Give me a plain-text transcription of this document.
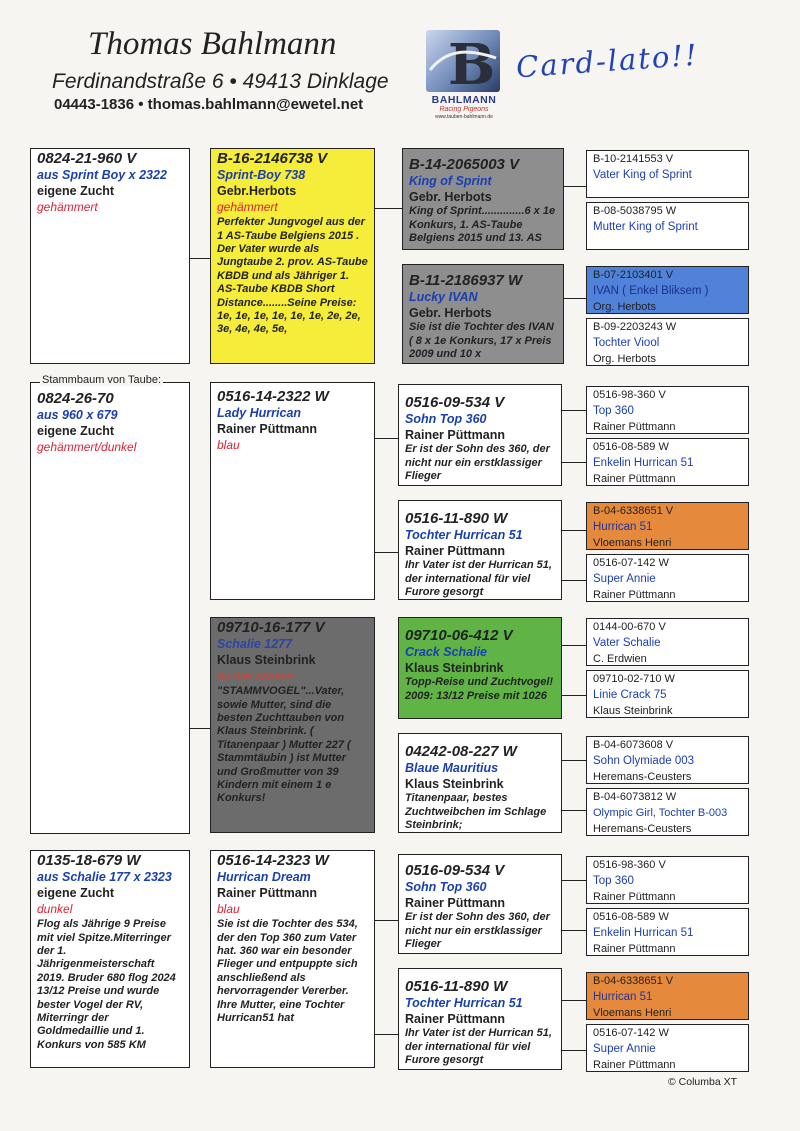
Thomas Bahlmann
Ferdinandstraße 6 • 49413 Dinklage
04443-1836 • thomas.bahlmann@ewetel.net
B
BAHLMANN
Racing Pigeons
www.tauben-bahlmann.de
Card-lato!!
0824-26-70
aus 960 x 679
eigene Zucht
gehämmert/dunkel
Stammbaum von Taube:
0824-21-960 V
aus Sprint Boy x 2322
eigene Zucht
gehämmert
0135-18-679 W
aus Schalie 177 x 2323
eigene Zucht
dunkel
Flog als Jährige 9 Preise mit viel Spitze.Miterringer der 1. Jährigenmeisterschaft 2019. Bruder 680 flog 2024 13/12 Preise und wurde bester Vogel der RV, Miterringr der Goldmedaillie und 1. Konkurs von 585 KM
B-16-2146738 V
Sprint-Boy 738
Gebr.Herbots
gehämmert
Perfekter Jungvogel aus der 1 AS-Taube Belgiens 2015 . Der Vater wurde als Jungtaube 2. prov. AS-Taube KBDB und als Jähriger 1. AS-Taube KBDB Short Distance........Seine Preise: 1e, 1e, 1e, 1e, 1e, 1e, 2e, 2e, 3e, 4e, 4e, 5e,
0516-14-2322 W
Lady Hurrican
Rainer Püttmann
blau
09710-16-177 V
Schalie 1277
Klaus Steinbrink
dunkel schalie
"STAMMVOGEL"...Vater, sowie Mutter, sind die besten Zuchttauben von Klaus Steinbrink. ( Titanenpaar ) Mutter 227 ( Stammtäubin ) ist Mutter und Großmutter von 39 Kindern mit einem 1 e Konkurs!
0516-14-2323 W
Hurrican Dream
Rainer Püttmann
blau
Sie ist die Tochter des 534, der den Top 360 zum Vater hat. 360 war ein besonder Flieger und entpuppte sich anschließend als hervorragender Vererber. Ihre Mutter, eine Tochter Hurrican51 hat
B-14-2065003 V
King of Sprint
Gebr. Herbots
King of Sprint..............6 x 1e Konkurs, 1. AS-Taube Belgiens 2015 und 13. AS
B-11-2186937 W
Lucky IVAN
Gebr. Herbots
Sie ist die Tochter des IVAN ( 8 x 1e Konkurs, 17 x Preis 2009 und 10 x
0516-09-534 V
Sohn Top 360
Rainer Püttmann
Er ist der Sohn des 360, der nicht nur ein erstklassiger Flieger
0516-11-890 W
Tochter Hurrican 51
Rainer Püttmann
Ihr Vater ist der Hurrican 51, der international für viel Furore gesorgt
09710-06-412 V
Crack Schalie
Klaus Steinbrink
Topp-Reise und Zuchtvogel! 2009: 13/12 Preise mit 1026
04242-08-227 W
Blaue Mauritius
Klaus Steinbrink
Titanenpaar, bestes Zuchtweibchen im Schlage Steinbrink;
0516-09-534 V
Sohn Top 360
Rainer Püttmann
Er ist der Sohn des 360, der nicht nur ein erstklassiger Flieger
0516-11-890 W
Tochter Hurrican 51
Rainer Püttmann
Ihr Vater ist der Hurrican 51, der international für viel Furore gesorgt
B-10-2141553 V
Vater King of Sprint
B-08-5038795 W
Mutter King of Sprint
B-07-2103401 V
IVAN ( Enkel Bliksem )
Org. Herbots
B-09-2203243 W
Tochter Viool
Org. Herbots
0516-98-360 V
Top 360
Rainer Püttmann
0516-08-589 W
Enkelin Hurrican 51
Rainer Püttmann
B-04-6338651 V
Hurrican 51
Vloemans Henri
0516-07-142 W
Super Annie
Rainer Püttmann
0144-00-670 V
Vater Schalie
C. Erdwien
09710-02-710 W
Linie Crack 75
Klaus Steinbrink
B-04-6073608 V
Sohn Olymiade 003
Heremans-Ceusters
B-04-6073812 W
Olympic Girl, Tochter B-003
Heremans-Ceusters
0516-98-360 V
Top 360
Rainer Püttmann
0516-08-589 W
Enkelin Hurrican 51
Rainer Püttmann
B-04-6338651 V
Hurrican 51
Vloemans Henri
0516-07-142 W
Super Annie
Rainer Püttmann
© Columba XT
